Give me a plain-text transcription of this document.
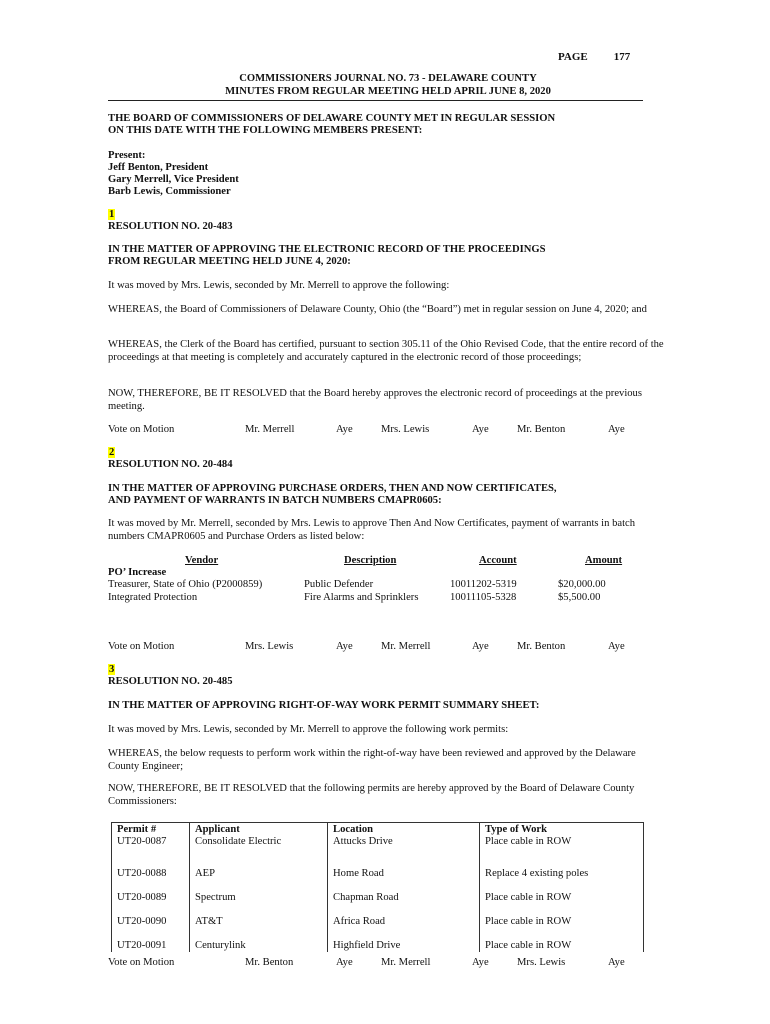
PAGE 177
COMMISSIONERS JOURNAL NO. 73 - DELAWARE COUNTY
MINUTES FROM REGULAR MEETING HELD APRIL JUNE 8, 2020
THE BOARD OF COMMISSIONERS OF DELAWARE COUNTY MET IN REGULAR SESSION
ON THIS DATE WITH THE FOLLOWING MEMBERS PRESENT:
Present:
Jeff Benton, President
Gary Merrell, Vice President
Barb Lewis, Commissioner
1
RESOLUTION NO. 20-483
IN THE MATTER OF APPROVING THE ELECTRONIC RECORD OF THE PROCEEDINGS
FROM REGULAR MEETING HELD JUNE 4, 2020:
It was moved by Mrs. Lewis, seconded by Mr. Merrell to approve the following:
WHEREAS, the Board of Commissioners of Delaware County, Ohio (the “Board”) met in regular session on June 4, 2020; and
WHEREAS, the Clerk of the Board has certified, pursuant to section 305.11 of the Ohio Revised Code, that the entire record of the proceedings at that meeting is completely and accurately captured in the electronic record of those proceedings;
NOW, THEREFORE, BE IT RESOLVED that the Board hereby approves the electronic record of proceedings at the previous meeting.
Vote on Motion	Mr. Merrell	Aye	Mrs. Lewis	Aye	Mr. Benton	Aye
2
RESOLUTION NO. 20-484
IN THE MATTER OF APPROVING PURCHASE ORDERS, THEN AND NOW CERTIFICATES,
AND PAYMENT OF WARRANTS IN BATCH NUMBERS CMAPR0605:
It was moved by Mr. Merrell, seconded by Mrs. Lewis to approve Then And Now Certificates, payment of warrants in batch numbers CMAPR0605 and Purchase Orders as listed below:
Vendor	Description	Account	Amount
PO’ Increase
Treasurer, State of Ohio (P2000859)	Public Defender	10011202-5319	$20,000.00
Integrated Protection	Fire Alarms and Sprinklers	10011105-5328	$5,500.00
Vote on Motion	Mrs. Lewis	Aye	Mr. Merrell	Aye	Mr. Benton	Aye
3
RESOLUTION NO. 20-485
IN THE MATTER OF APPROVING RIGHT-OF-WAY WORK PERMIT SUMMARY SHEET:
It was moved by Mrs. Lewis, seconded by Mr. Merrell to approve the following work permits:
WHEREAS, the below requests to perform work within the right-of-way have been reviewed and approved by the Delaware County Engineer;
NOW, THEREFORE, BE IT RESOLVED that the following permits are hereby approved by the Board of Delaware County Commissioners:
Permit #	Applicant	Location	Type of Work
UT20-0087	Consolidate Electric	Attucks Drive	Place cable in ROW
UT20-0088	AEP	Home Road	Replace 4 existing poles
UT20-0089	Spectrum	Chapman Road	Place cable in ROW
UT20-0090	AT&T	Africa Road	Place cable in ROW
UT20-0091	Centurylink	Highfield Drive	Place cable in ROW
Vote on Motion	Mr. Benton	Aye	Mr. Merrell	Aye	Mrs. Lewis	Aye
